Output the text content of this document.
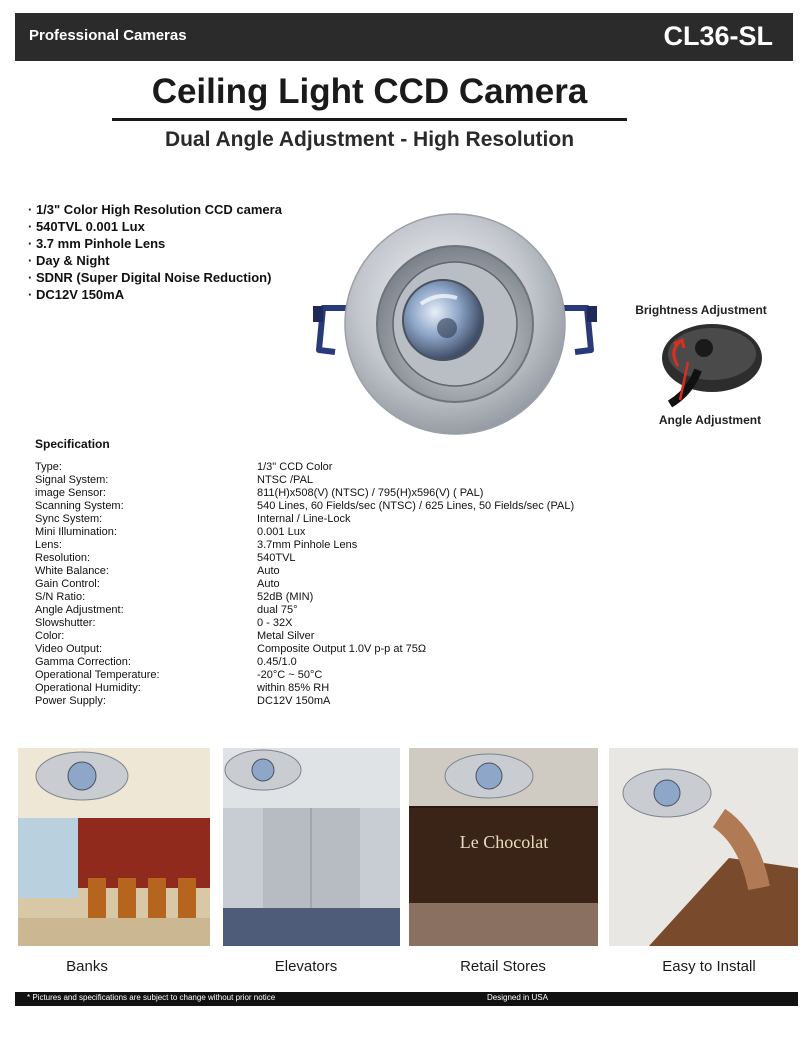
Professional Cameras	CL36-SL
Ceiling Light CCD Camera
Dual Angle Adjustment - High Resolution
· 1/3" Color High Resolution CCD camera
· 540TVL 0.001 Lux
· 3.7 mm Pinhole Lens
· Day & Night
· SDNR (Super Digital Noise Reduction)
· DC12V 150mA
Brightness Adjustment
Angle Adjustment
Specification
Type:	1/3" CCD Color
Signal System:	NTSC /PAL
image Sensor:	811(H)x508(V) (NTSC) / 795(H)x596(V) ( PAL)
Scanning System:	540 Lines, 60 Fields/sec (NTSC) / 625 Lines, 50 Fields/sec (PAL)
Sync System:	Internal / Line-Lock
Mini Illumination:	0.001 Lux
Lens:	3.7mm Pinhole Lens
Resolution:	540TVL
White Balance:	Auto
Gain Control:	Auto
S/N Ratio:	52dB (MIN)
Angle Adjustment:	dual 75°
Slowshutter:	0 - 32X
Color:	Metal Silver
Video Output:	Composite Output 1.0V p-p at 75Ω
Gamma Correction:	0.45/1.0
Operational Temperature:	-20°C ~ 50°C
Operational Humidity:	within 85% RH
Power Supply:	DC12V 150mA
Le Chocolat
Banks	Elevators	Retail Stores	Easy to Install
* Pictures and specifications are subject to change without prior notice	Designed in USA
